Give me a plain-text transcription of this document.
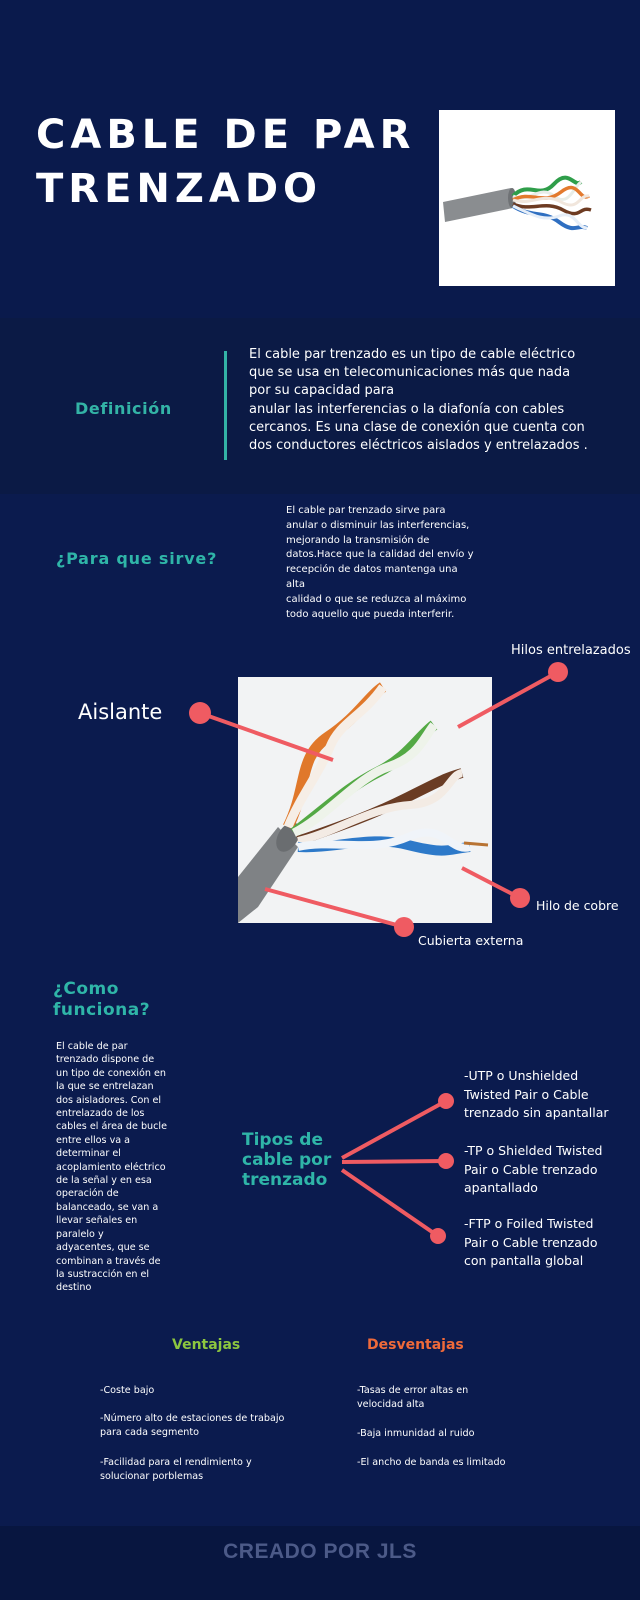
CABLE DE PAR TRENZADO
Definición
El cable par trenzado es un tipo de cable eléctrico
que se usa en telecomunicaciones más que nada
por su capacidad para
anular las interferencias o la diafonía con cables
cercanos. Es una clase de conexión que cuenta con
dos conductores eléctricos aislados y entrelazados .
¿Para que sirve?
El cable par trenzado sirve para
anular o disminuir las interferencias,
mejorando la transmisión de
datos.Hace que la calidad del envío y
recepción de datos mantenga una
alta
calidad o que se reduzca al máximo
todo aquello que pueda interferir.
Hilos entrelazados
Aislante
Hilo de cobre
Cubierta externa
¿Como funciona?
El cable de par
trenzado dispone de
un tipo de conexión en
la que se entrelazan
dos aisladores. Con el
entrelazado de los
cables el área de bucle
entre ellos va a
determinar el
acoplamiento eléctrico
de la señal y en esa
operación de
balanceado, se van a
llevar señales en
paralelo y
adyacentes, que se
combinan a través de
la sustracción en el
destino
Tipos de cable por trenzado
-UTP o Unshielded
Twisted Pair o Cable
trenzado sin apantallar
-TP o Shielded Twisted
Pair o Cable trenzado
apantallado
-FTP o Foiled Twisted
Pair o Cable trenzado
con pantalla global
Ventajas	Desventajas

-Coste bajo

-Número alto de estaciones de trabajo
para cada segmento

-Facilidad para el rendimiento y
solucionar porblemas

-Tasas de error altas en
velocidad alta

-Baja inmunidad al ruido

-El ancho de banda es limitado

CREADO POR JLS
